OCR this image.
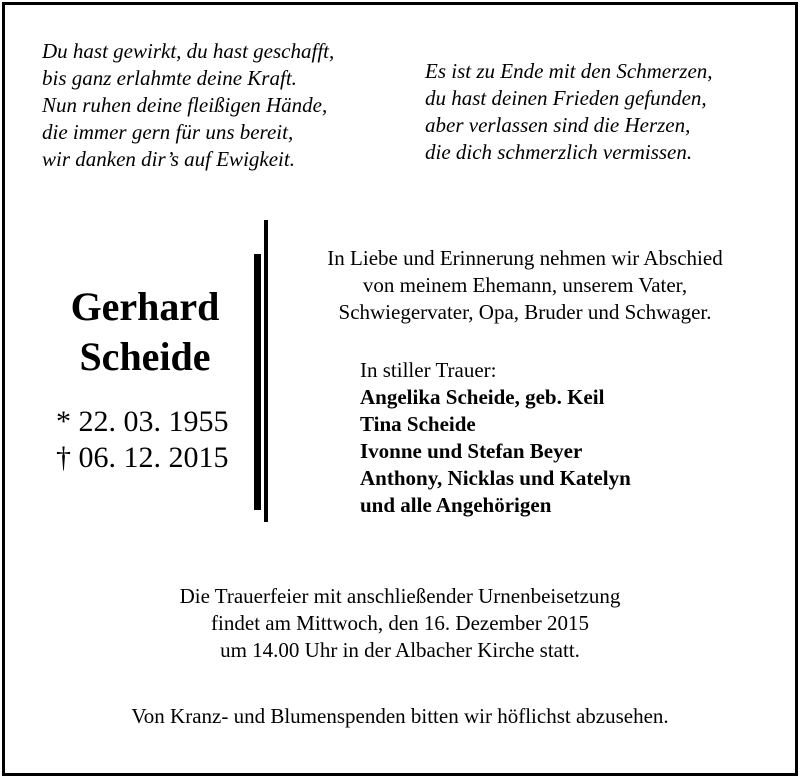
Du hast gewirkt, du hast geschafft,
bis ganz erlahmte deine Kraft.
Nun ruhen deine fleißigen Hände,
die immer gern für uns bereit,
wir danken dir’s auf Ewigkeit.
Es ist zu Ende mit den Schmerzen,
du hast deinen Frieden gefunden,
aber verlassen sind die Herzen,
die dich schmerzlich vermissen.
Gerhard
Scheide
* 22. 03. 1955
† 06. 12. 2015
In Liebe und Erinnerung nehmen wir Abschied
von meinem Ehemann, unserem Vater,
Schwiegervater, Opa, Bruder und Schwager.
In stiller Trauer:
Angelika Scheide, geb. Keil
Tina Scheide
Ivonne und Stefan Beyer
Anthony, Nicklas und Katelyn
und alle Angehörigen
Die Trauerfeier mit anschließender Urnenbeisetzung
findet am Mittwoch, den 16. Dezember 2015
um 14.00 Uhr in der Albacher Kirche statt.
Von Kranz- und Blumenspenden bitten wir höflichst abzusehen.
